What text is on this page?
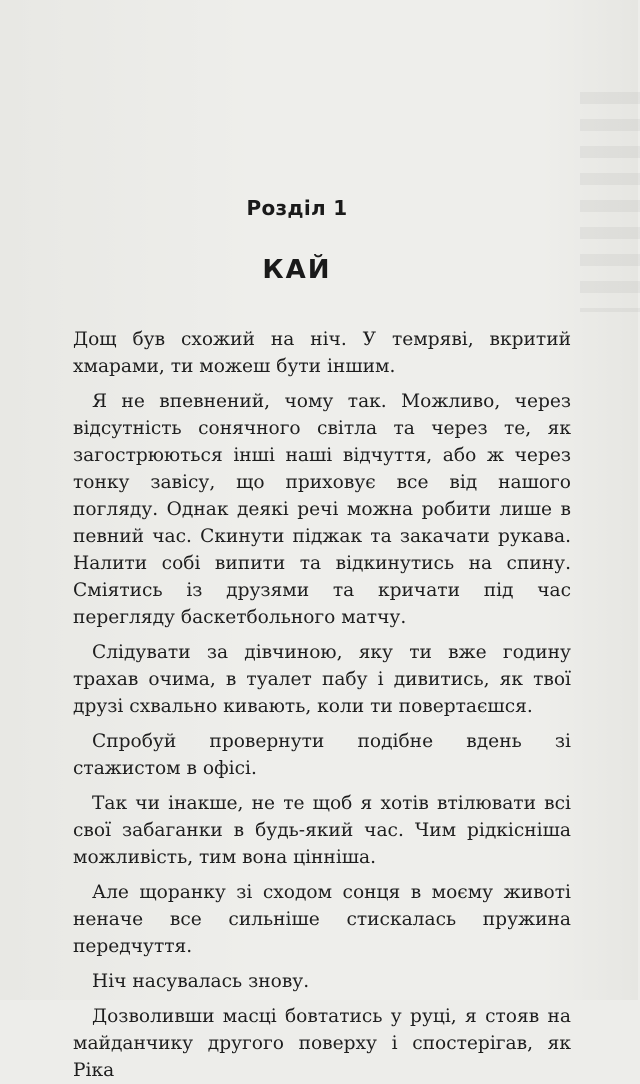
Розділ 1
КАЙ

Дощ був схожий на ніч. У темряві, вкритий хмарами, ти можеш бути іншим.

Я не впевнений, чому так. Можливо, через відсутність сонячного світла та через те, як загострюються інші наші відчуття, або ж через тонку завісу, що приховує все від нашого погляду. Однак деякі речі можна робити лише в певний час. Скинути піджак та закачати рукава. Налити собі випити та відкинутись на спину. Сміятись із друзями та кричати під час перегляду баскетбольного матчу.

Слідувати за дівчиною, яку ти вже годину трахав очима, в туалет пабу і дивитись, як твої друзі схвально кивають, коли ти повертаєшся.

Спробуй провернути подібне вдень зі стажистом в офісі.

Так чи інакше, не те щоб я хотів втілювати всі свої забаганки в будь-який час. Чим рідкісніша можливість, тим вона цінніша.

Але щоранку зі сходом сонця в моєму животі неначе все сильніше стискалась пружина передчуття.

Ніч насувалась знову.

Дозволивши масці бовтатись у руці, я стояв на майданчику другого поверху і спостерігав, як Ріка
